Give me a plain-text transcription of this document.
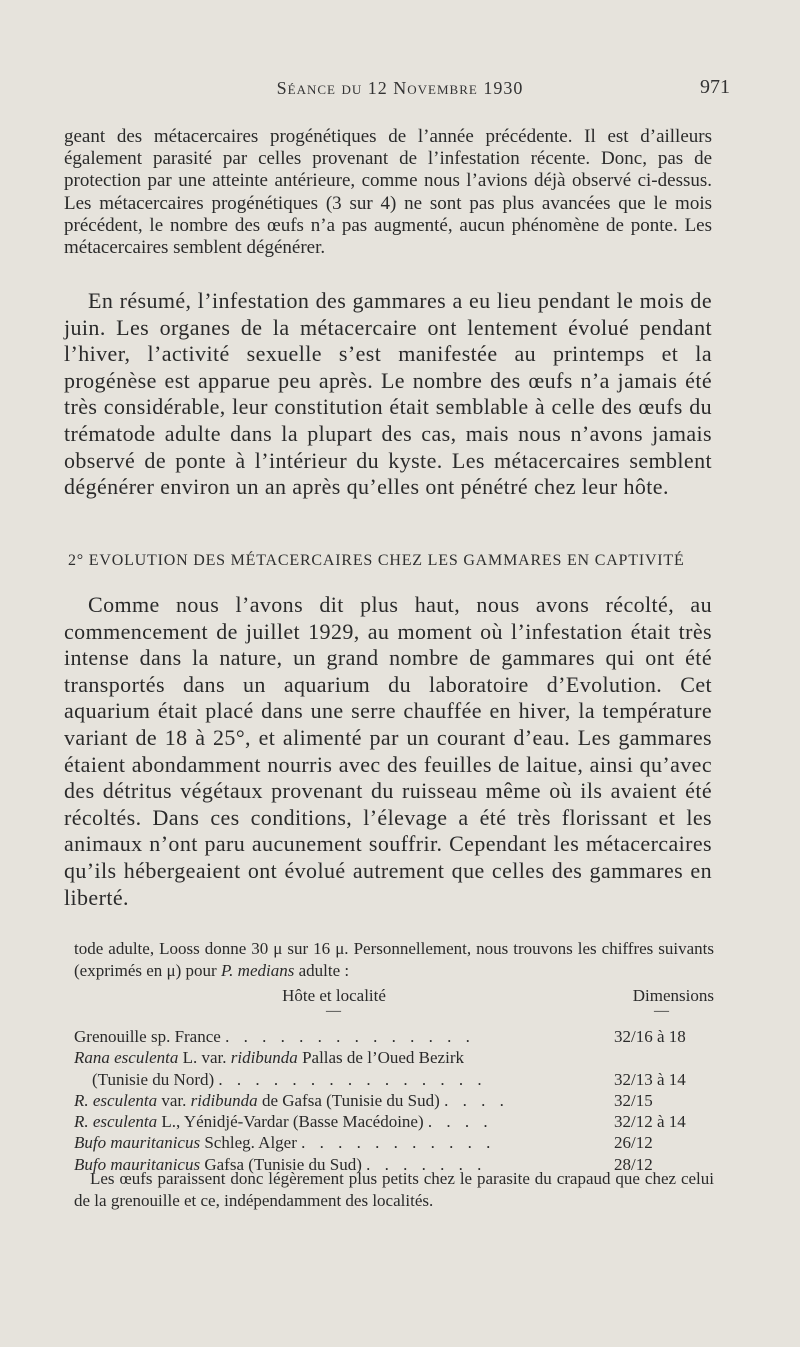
Séance du 12 Novembre 1930	971
geant des métacercaires progénétiques de l’année précédente. Il est d’ailleurs également parasité par celles provenant de l’infestation récente. Donc, pas de protection par une atteinte antérieure, comme nous l’avions déjà observé ci-dessus. Les métacercaires progénétiques (3 sur 4) ne sont pas plus avancées que le mois précédent, le nombre des œufs n’a pas augmenté, aucun phénomène de ponte. Les métacercaires semblent dégénérer.
En résumé, l’infestation des gammares a eu lieu pendant le mois de juin. Les organes de la métacercaire ont lentement évolué pendant l’hiver, l’activité sexuelle s’est manifestée au printemps et la progénèse est apparue peu après. Le nombre des œufs n’a jamais été très considérable, leur constitution était semblable à celle des œufs du trématode adulte dans la plupart des cas, mais nous n’avons jamais observé de ponte à l’intérieur du kyste. Les métacercaires semblent dégénérer environ un an après qu’elles ont pénétré chez leur hôte.
2° EVOLUTION DES MÉTACERCAIRES CHEZ LES GAMMARES EN CAPTIVITÉ
Comme nous l’avons dit plus haut, nous avons récolté, au commencement de juillet 1929, au moment où l’infestation était très intense dans la nature, un grand nombre de gammares qui ont été transportés dans un aquarium du laboratoire d’Evolution. Cet aquarium était placé dans une serre chauffée en hiver, la température variant de 18 à 25°, et alimenté par un courant d’eau. Les gammares étaient abondamment nourris avec des feuilles de laitue, ainsi qu’avec des détritus végétaux provenant du ruisseau même où ils avaient été récoltés. Dans ces conditions, l’élevage a été très florissant et les animaux n’ont paru aucunement souffrir. Cependant les métacercaires qu’ils hébergeaient ont évolué autrement que celles des gammares en liberté.
tode adulte, Looss donne 30 μ sur 16 μ. Personnellement, nous trouvons les chiffres suivants (exprimés en μ) pour P. medians adulte :
Hôte et localité	Dimensions
—	—
Grenouille sp. France . . . . . . . . . . . . . .	32/16 à 18
Rana esculenta L. var. ridibunda Pallas de l’Oued Bezirk
(Tunisie du Nord) . . . . . . . . . . . . . . .	32/13 à 14
R. esculenta var. ridibunda de Gafsa (Tunisie du Sud) . . . .	32/15
R. esculenta L., Yénidjé-Vardar (Basse Macédoine) . . . .	32/12 à 14
Bufo mauritanicus Schleg. Alger . . . . . . . . . . .	26/12
Bufo mauritanicus Gafsa (Tunisie du Sud) . . . . . . .	28/12
Les œufs paraissent donc légèrement plus petits chez le parasite du crapaud que chez celui de la grenouille et ce, indépendamment des localités.
